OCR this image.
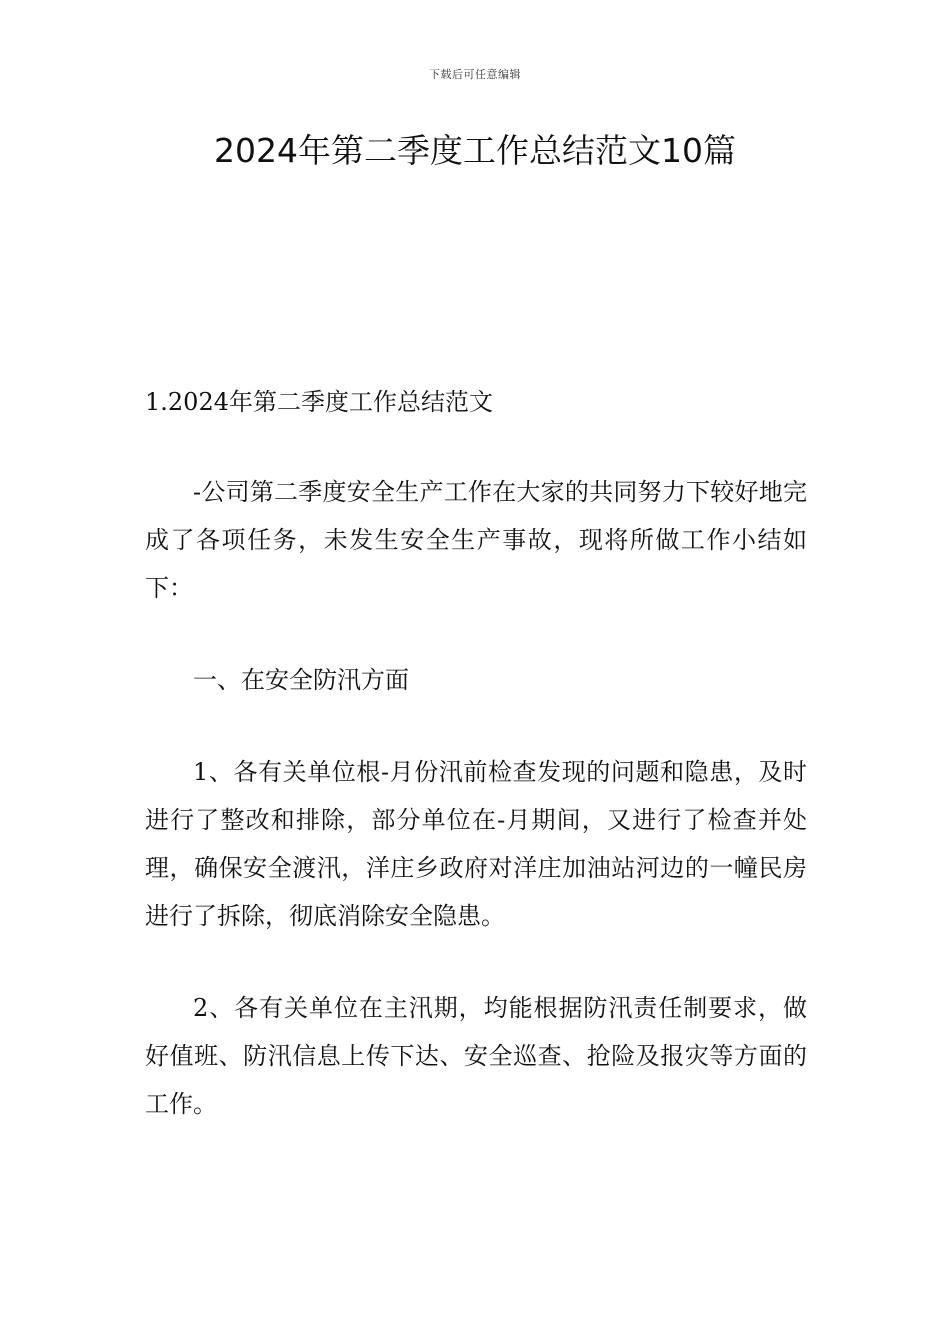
下载后可任意编辑
2024年第二季度工作总结范文10篇
1.2024年第二季度工作总结范文

-公司第二季度安全生产工作在大家的共同努力下较好地完成了各项任务，未发生安全生产事故，现将所做工作小结如下：

一、在安全防汛方面

1、各有关单位根-月份汛前检查发现的问题和隐患，及时进行了整改和排除，部分单位在-月期间，又进行了检查并处理，确保安全渡汛，洋庄乡政府对洋庄加油站河边的一幢民房进行了拆除，彻底消除安全隐患。

2、各有关单位在主汛期，均能根据防汛责任制要求，做好值班、防汛信息上传下达、安全巡查、抢险及报灾等方面的工作。
